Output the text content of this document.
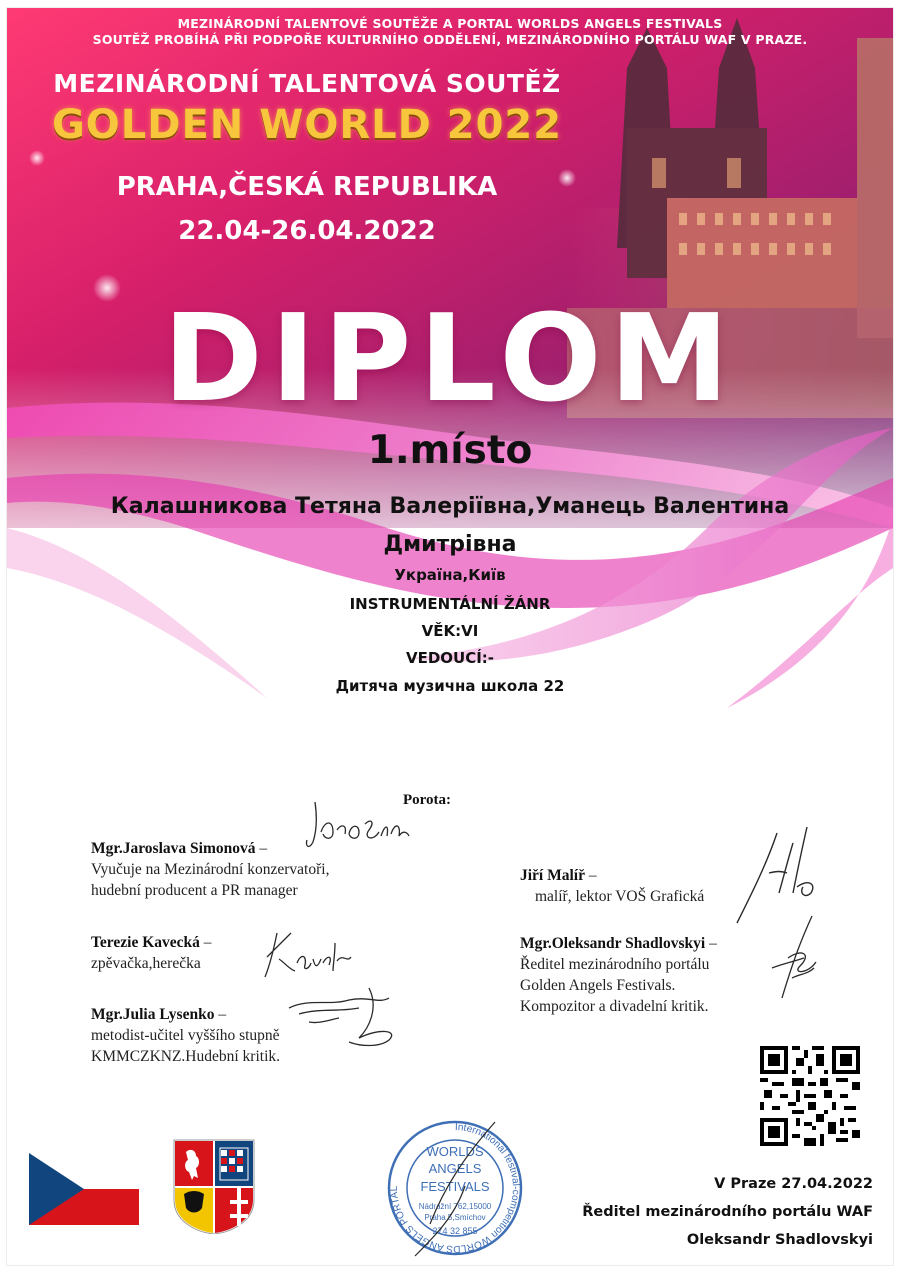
MEZINÁRODNÍ TALENTOVÉ SOUTĚŽE A PORTAL WORLDS ANGELS FESTIVALS
SOUTĚŽ PROBÍHÁ PŘI PODPOŘE KULTURNÍHO ODDĚLENÍ, MEZINÁRODNÍHO PORTÁLU WAF V PRAZE.
MEZINÁRODNÍ TALENTOVÁ SOUTĚŽ
GOLDEN WORLD 2022
PRAHA,ČESKÁ REPUBLIKA
22.04-26.04.2022
DIPLOM
1.místo
Калашникова Тетяна Валеріївна,Уманець Валентина Дмитрівна
Україна,Київ
INSTRUMENTÁLNÍ ŽÁNR
VĚK:VI
VEDOUCÍ:-
Дитяча музична школа 22
Porota:
Mgr.Jaroslava Simonová –
Vyučuje na Mezinárodní konzervatoři,
hudební producent a PR manager
Terezie Kavecká –
zpěvačka,herečka
Mgr.Julia Lysenko –
metodist-učitel vyššího stupně
KMMCZKNZ.Hudební kritik.
Jiří Malíř –
malíř, lektor VOŠ Grafická
Mgr.Oleksandr Shadlovskyi –
Ředitel mezinárodního portálu
Golden Angels Festivals.
Kompozitor a divadelní kritik.
International festival-competition WORLDS ANGELS PORTAL
WORLDS
ANGELS
FESTIVALS
Nádražní 762,15000
Praha 5,Smíchov
274 32 855
V Praze 27.04.2022
Ředitel mezinárodního portálu WAF
Oleksandr Shadlovskyi
